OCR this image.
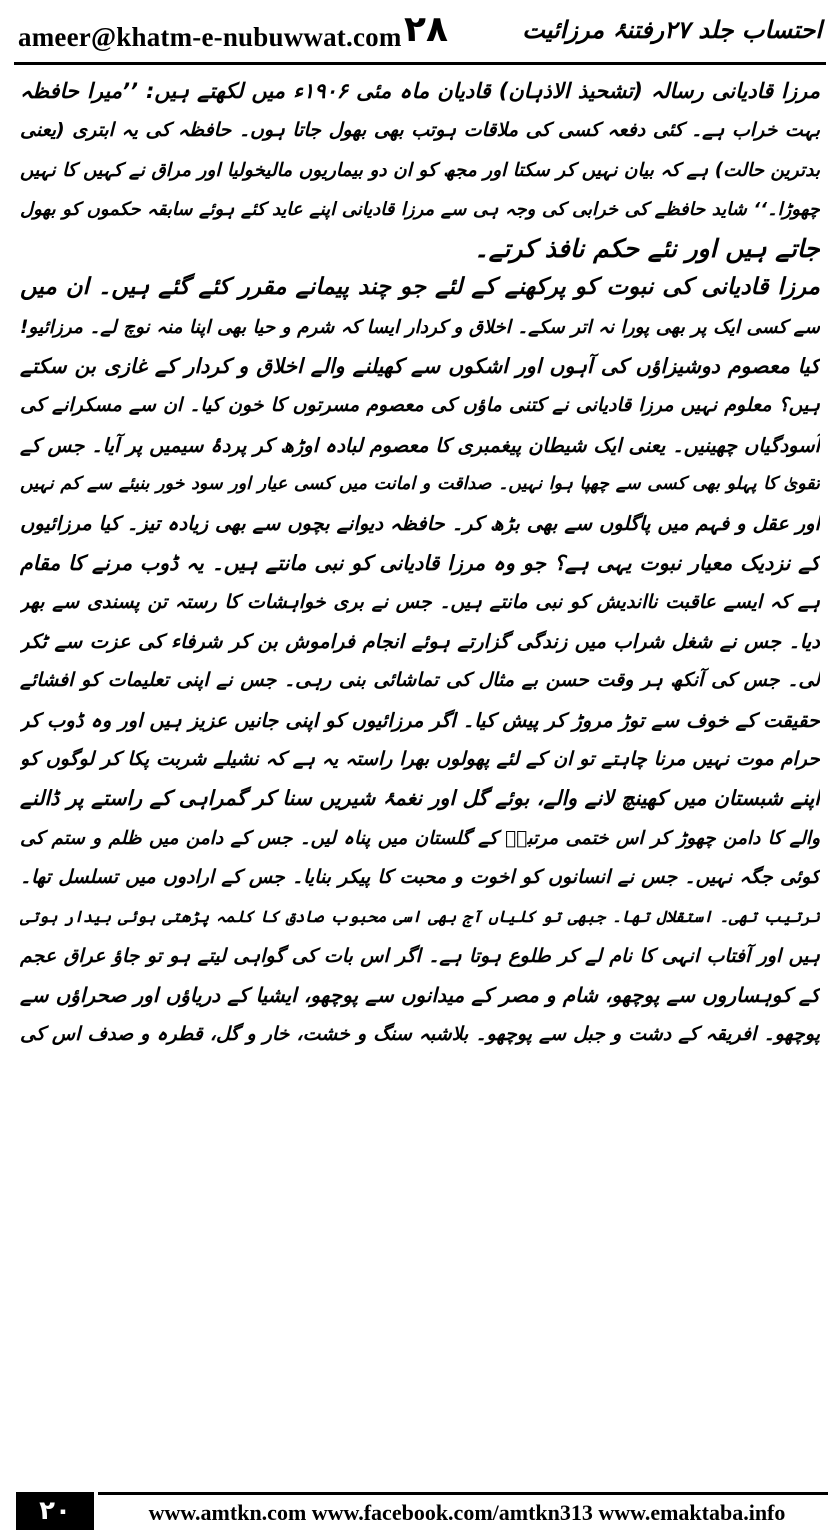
ameer@khatm-e-nubuwwat.com ۲۸	احتساب جلد ۲۷رفتنۂ مرزائیت
مرزا قادیانی رسالہ (تشحیذ الاذہان) قادیان ماہ مئی ۱۹۰۶ء میں لکھتے ہیں: ’’میرا حافظہ
بہت خراب ہے۔ کئی دفعہ کسی کی ملاقات ہوتب بھی بھول جاتا ہوں۔ حافظہ کی یہ ابتری (یعنی
بدترین حالت) ہے کہ بیان نہیں کر سکتا اور مجھ کو ان دو بیماریوں مالیخولیا اور مراق نے کہیں کا نہیں
چھوڑا۔‘‘ شاید حافظے کی خرابی کی وجہ ہی سے مرزا قادیانی اپنے عاید کئے ہوئے سابقہ حکموں کو بھول
جاتے ہیں اور نئے حکم نافذ کرتے۔
مرزا قادیانی کی نبوت کو پرکھنے کے لئے جو چند پیمانے مقرر کئے گئے ہیں۔ ان میں
سے کسی ایک پر بھی پورا نہ اتر سکے۔ اخلاق و کردار ایسا کہ شرم و حیا بھی اپنا منہ نوچ لے۔ مرزائیو!
کیا معصوم دوشیزاؤں کی آہوں اور اشکوں سے کھیلنے والے اخلاق و کردار کے غازی بن سکتے
ہیں؟ معلوم نہیں مرزا قادیانی نے کتنی ماؤں کی معصوم مسرتوں کا خون کیا۔ ان سے مسکرانے کی
آسودگیاں چھینیں۔ یعنی ایک شیطان پیغمبری کا معصوم لبادہ اوڑھ کر پردۂ سیمیں پر آیا۔ جس کے
تقویٰ کا پہلو بھی کسی سے چھپا ہوا نہیں۔ صداقت و امانت میں کسی عیار اور سود خور بنیئے سے کم نہیں
اور عقل و فہم میں پاگلوں سے بھی بڑھ کر۔ حافظہ دیوانے بچوں سے بھی زیادہ تیز۔ کیا مرزائیوں
کے نزدیک معیار نبوت یہی ہے؟ جو وہ مرزا قادیانی کو نبی مانتے ہیں۔ یہ ڈوب مرنے کا مقام
ہے کہ ایسے عاقبت نااندیش کو نبی مانتے ہیں۔ جس نے بری خواہشات کا رستہ تن پسندی سے بھر
دیا۔ جس نے شغل شراب میں زندگی گزارتے ہوئے انجام فراموش بن کر شرفاء کی عزت سے ٹکر
لی۔ جس کی آنکھ ہر وقت حسن بے مثال کی تماشائی بنی رہی۔ جس نے اپنی تعلیمات کو افشائے
حقیقت کے خوف سے توڑ مروڑ کر پیش کیا۔ اگر مرزائیوں کو اپنی جانیں عزیز ہیں اور وہ ڈوب کر
حرام موت نہیں مرنا چاہتے تو ان کے لئے پھولوں بھرا راستہ یہ ہے کہ نشیلے شربت پکا کر لوگوں کو
اپنے شبستان میں کھینچ لانے والے، بوئے گل اور نغمۂ شیریں سنا کر گمراہی کے راستے پر ڈالنے
والے کا دامن چھوڑ کر اس ختمی مرتبتؐ کے گلستان میں پناہ لیں۔ جس کے دامن میں ظلم و ستم کی
کوئی جگہ نہیں۔ جس نے انسانوں کو اخوت و محبت کا پیکر بنایا۔ جس کے ارادوں میں تسلسل تھا۔
ترتیب تھی۔ استقلال تھا۔ جبھی تو کلیاں آج بھی اسی محبوب صادق کا کلمہ پڑھتی ہوئی بیدار ہوتی
ہیں اور آفتاب انہی کا نام لے کر طلوع ہوتا ہے۔ اگر اس بات کی گواہی لیتے ہو تو جاؤ عراق عجم
کے کوہساروں سے پوچھو، شام و مصر کے میدانوں سے پوچھو، ایشیا کے دریاؤں اور صحراؤں سے
پوچھو۔ افریقہ کے دشت و جبل سے پوچھو۔ بلاشبہ سنگ و خشت، خار و گل، قطرہ و صدف اس کی
۲۰	www.amtkn.com www.facebook.com/amtkn313 www.emaktaba.info
